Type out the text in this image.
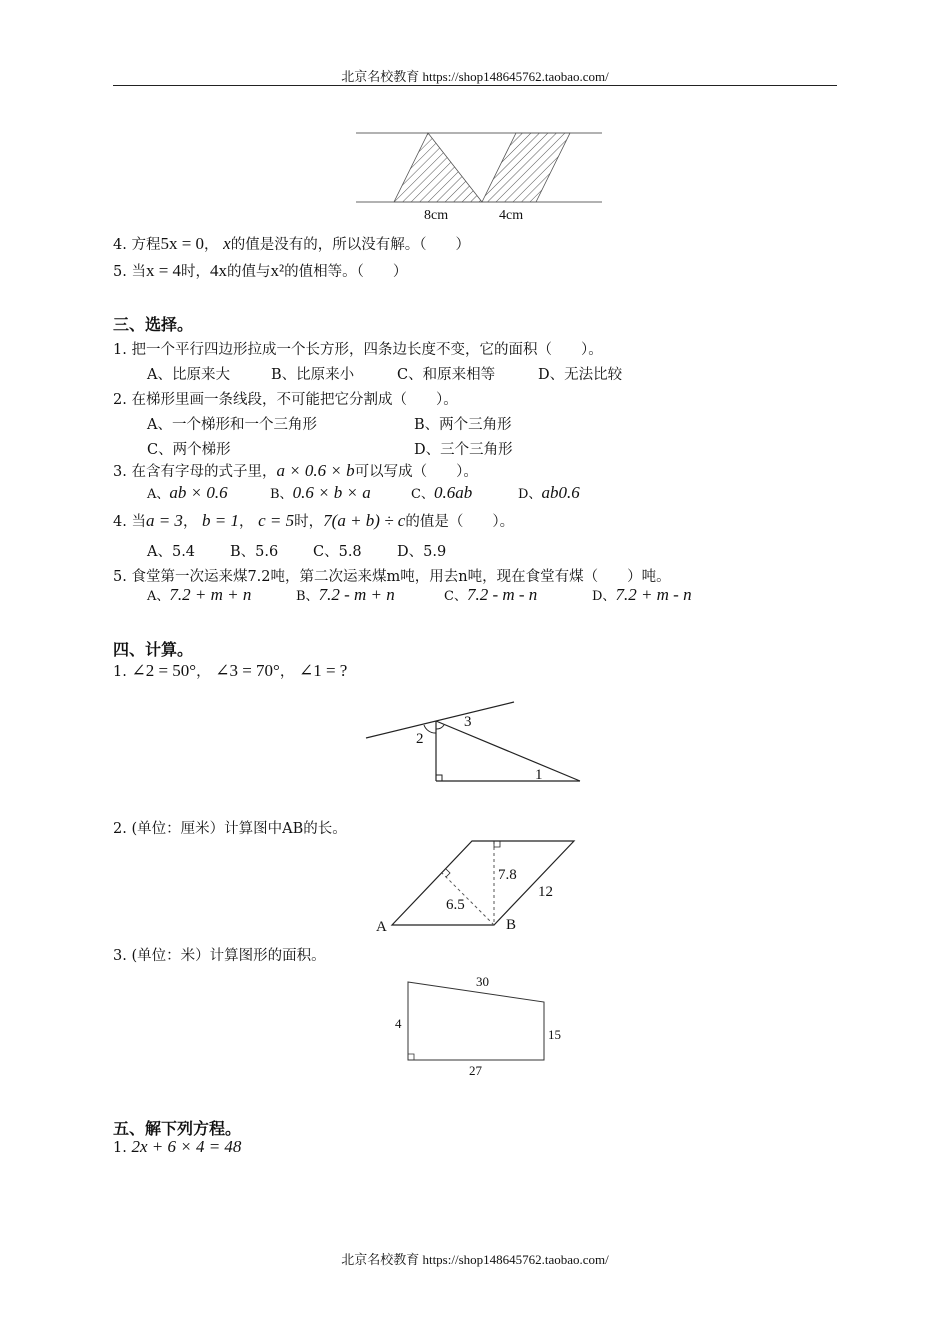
北京名校教育 https://shop148645762.taobao.com/
8cm	4cm
4. 方程5x = 0， x的值是没有的，所以没有解。（　　）
5. 当x = 4时，4x的值与x²的值相等。（　　）
三、选择。
1. 把一个平行四边形拉成一个长方形，四条边长度不变，它的面积（　　）。
A、比原来大	B、比原来小	C、和原来相等	D、无法比较
2. 在梯形里画一条线段，不可能把它分割成（　　）。
A、一个梯形和一个三角形	B、两个三角形
C、两个梯形	D、三个三角形
3. 在含有字母的式子里，a × 0.6 × b可以写成（　　）。
A、ab × 0.6	B、0.6 × b × a	C、0.6ab	D、ab0.6
4. 当a = 3， b = 1， c = 5时，7(a + b) ÷ c的值是（　　）。
A、5.4 B、5.6 C、5.8 D、5.9
5. 食堂第一次运来煤7.2吨，第二次运来煤m吨，用去n吨，现在食堂有煤（　　）吨。
A、7.2 + m + n	B、7.2 - m + n	C、7.2 - m - n	D、7.2 + m - n
四、计算。
1. ∠2 = 50°， ∠3 = 70°， ∠1 = ?
2
3
1
2. (单位：厘米）计算图中AB的长。
7.8
12
6.5
A	B
3. (单位：米）计算图形的面积。
30
4
15
27
五、解下列方程。
1. 2x + 6 × 4 = 48
北京名校教育 https://shop148645762.taobao.com/
